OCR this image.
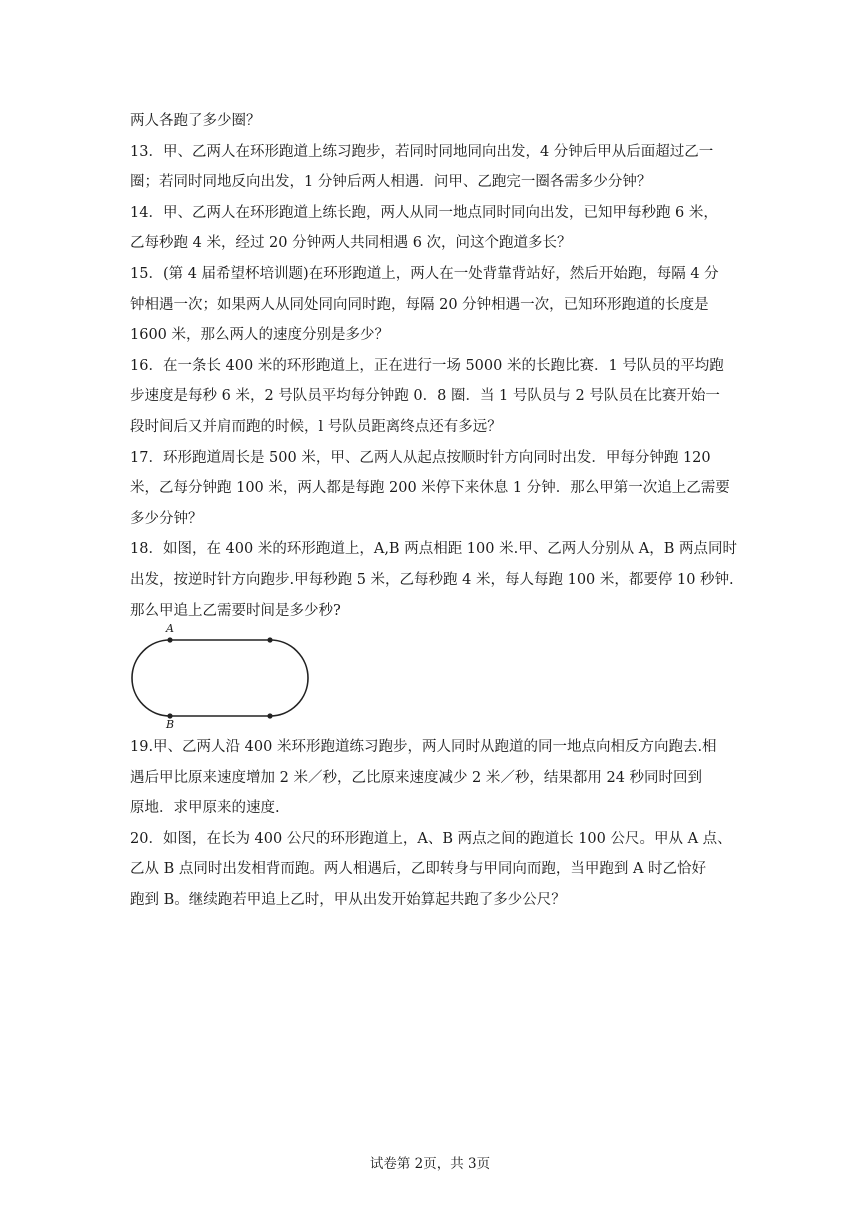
两人各跑了多少圈？

13．甲、乙两人在环形跑道上练习跑步，若同时同地同向出发，4 分钟后甲从后面超过乙一

圈；若同时同地反向出发，1 分钟后两人相遇．问甲、乙跑完一圈各需多少分钟？

14．甲、乙两人在环形跑道上练长跑，两人从同一地点同时同向出发，已知甲每秒跑 6 米，

乙每秒跑 4 米，经过 20 分钟两人共同相遇 6 次，问这个跑道多长？

15．(第 4 届希望杯培训题)在环形跑道上，两人在一处背靠背站好，然后开始跑，每隔 4 分

钟相遇一次；如果两人从同处同向同时跑，每隔 20 分钟相遇一次，已知环形跑道的长度是

1600 米，那么两人的速度分别是多少？

16．在一条长 400 米的环形跑道上，正在进行一场 5000 米的长跑比赛．1 号队员的平均跑

步速度是每秒 6 米，2 号队员平均每分钟跑 0．8 圈．当 1 号队员与 2 号队员在比赛开始一

段时间后又并肩而跑的时候，l 号队员距离终点还有多远？

17．环形跑道周长是 500 米，甲、乙两人从起点按顺时针方向同时出发．甲每分钟跑 120

米，乙每分钟跑 100 米，两人都是每跑 200 米停下来休息 1 分钟．那么甲第一次追上乙需要

多少分钟？

18．如图，在 400 米的环形跑道上，A,B 两点相距 100 米.甲、乙两人分别从 A，B 两点同时

出发，按逆时针方向跑步.甲每秒跑 5 米，乙每秒跑 4 米，每人每跑 100 米，都要停 10 秒钟.

那么甲追上乙需要时间是多少秒?

A
B

19.甲、乙两人沿 400 米环形跑道练习跑步，两人同时从跑道的同一地点向相反方向跑去.相

遇后甲比原来速度增加 2 米／秒，乙比原来速度减少 2 米／秒，结果都用 24 秒同时回到

原地．求甲原来的速度.

20．如图，在长为 400 公尺的环形跑道上，A、B 两点之间的跑道长 100 公尺。甲从 A 点、

乙从 B 点同时出发相背而跑。两人相遇后，乙即转身与甲同向而跑，当甲跑到 A 时乙恰好

跑到 B。继续跑若甲追上乙时，甲从出发开始算起共跑了多少公尺？

试卷第 2页，共 3页
